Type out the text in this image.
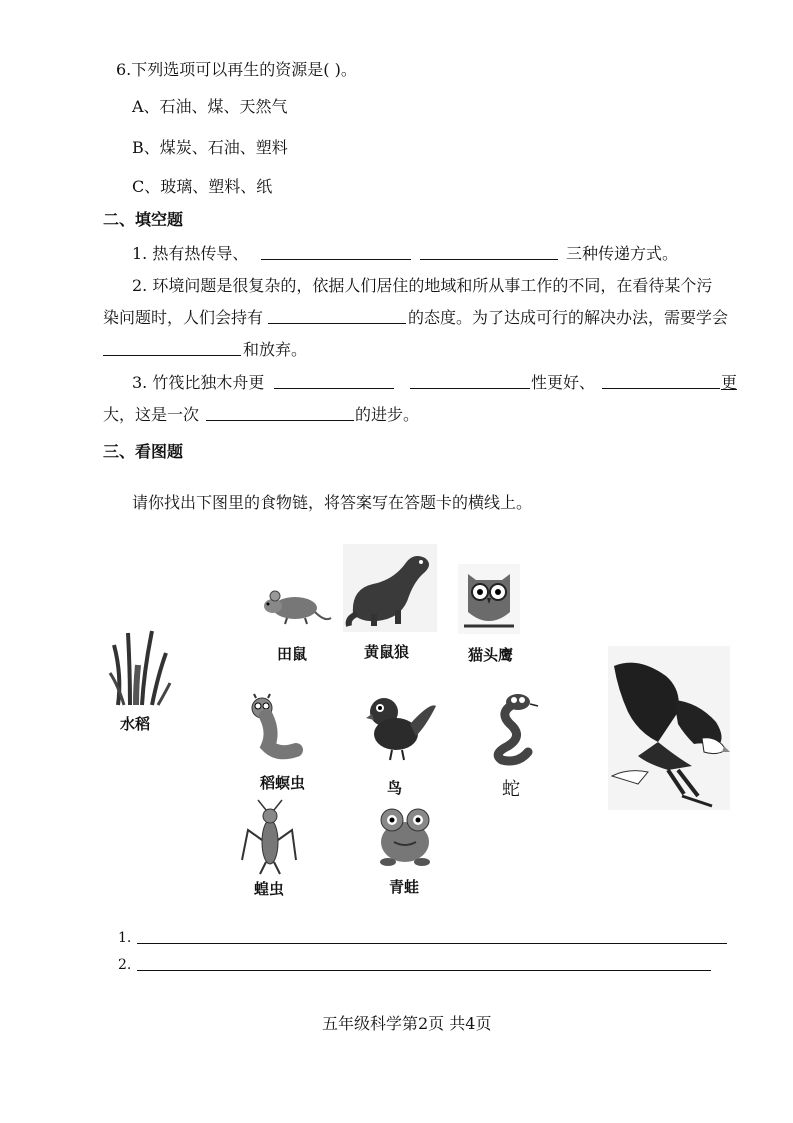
6.下列选项可以再生的资源是( )。
A、石油、煤、天然气
B、煤炭、石油、塑料
C、玻璃、塑料、纸
二、填空题
1. 热有热传导、	三种传递方式。
2. 环境问题是很复杂的，依据人们居住的地域和所从事工作的不同，在看待某个污
染问题时，人们会持有	的态度。为了达成可行的解决办法，需要学会
和放弃。
3. 竹筏比独木舟更	性更好、	更
大，这是一次	的进步。
三、看图题
请你找出下图里的食物链，将答案写在答题卡的横线上。
田鼠	黄鼠狼	猫头鹰
水稻
稻螟虫	鸟	蛇
蝗虫	青蛙
1.
2.
五年级科学第2页 共4页
